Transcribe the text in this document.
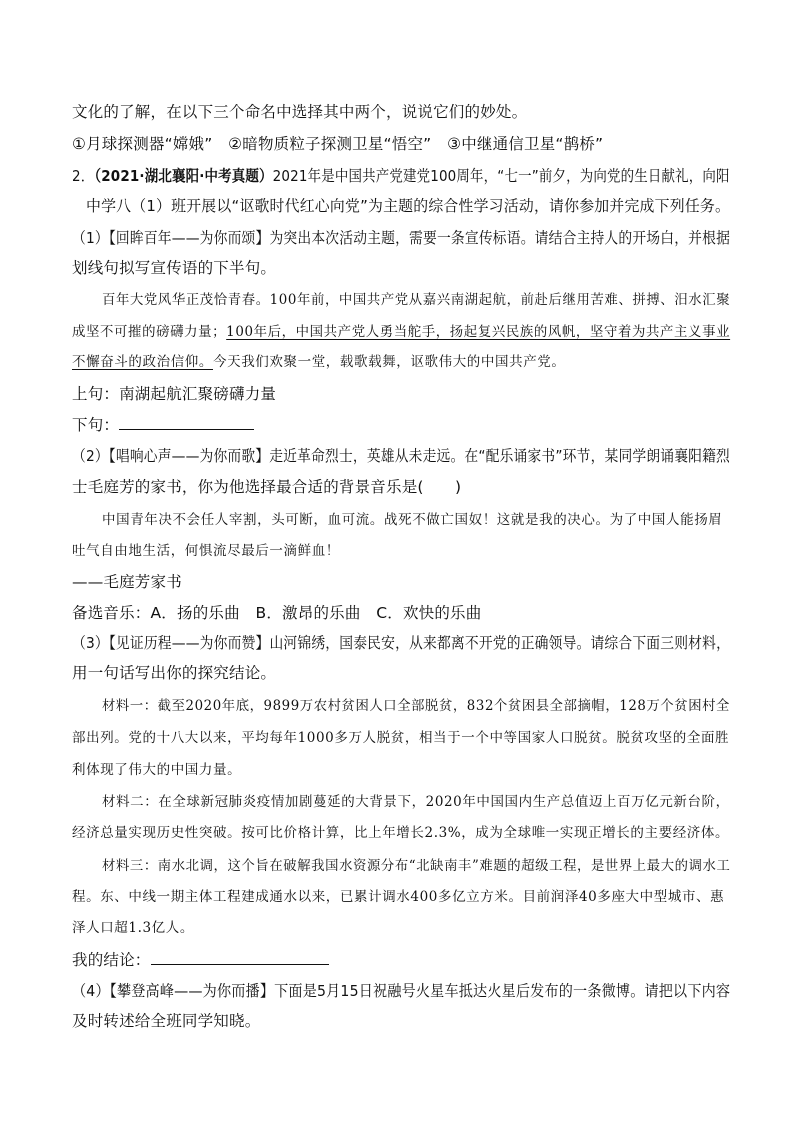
文化的了解，在以下三个命名中选择其中两个，说说它们的妙处。
①月球探测器“嫦娥”　②暗物质粒子探测卫星“悟空”　③中继通信卫星“鹊桥”
2．（2021·湖北襄阳·中考真题）2021年是中国共产党建党100周年，“七一”前夕，为向党的生日献礼，向阳
中学八（1）班开展以“讴歌时代红心向党”为主题的综合性学习活动，请你参加并完成下列任务。
（1）【回眸百年——为你而颂】为突出本次活动主题，需要一条宣传标语。请结合主持人的开场白，并根据
划线句拟写宣传语的下半句。
百年大党风华正茂恰青春。100年前，中国共产党从嘉兴南湖起航，前赴后继用苦难、拼搏、汨水汇聚
成坚不可摧的磅礴力量；100年后，中国共产党人勇当舵手，扬起复兴民族的风帆，坚守着为共产主义事业
不懈奋斗的政治信仰。今天我们欢聚一堂，载歌载舞，讴歌伟大的中国共产党。
上句：南湖起航汇聚磅礴力量
下句：
（2）【唱响心声——为你而歌】走近革命烈士，英雄从未走远。在“配乐诵家书”环节，某同学朗诵襄阳籍烈
士毛庭芳的家书，你为他选择最合适的背景音乐是(　　)
中国青年决不会任人宰割，头可断，血可流。战死不做亡国奴！这就是我的决心。为了中国人能扬眉
吐气自由地生活，何惧流尽最后一滴鲜血！
——毛庭芳家书
备选音乐：A．扬的乐曲　B．激昂的乐曲　C．欢快的乐曲
（3）【见证历程——为你而赞】山河锦绣，国泰民安，从来都离不开党的正确领导。请综合下面三则材料，
用一句话写出你的探究结论。
材料一：截至2020年底，9899万农村贫困人口全部脱贫，832个贫困县全部摘帽，128万个贫困村全
部出列。党的十八大以来，平均每年1000多万人脱贫，相当于一个中等国家人口脱贫。脱贫攻坚的全面胜
利体现了伟大的中国力量。
材料二：在全球新冠肺炎疫情加剧蔓延的大背景下，2020年中国国内生产总值迈上百万亿元新台阶，
经济总量实现历史性突破。按可比价格计算，比上年增长2.3%，成为全球唯一实现正增长的主要经济体。
材料三：南水北调，这个旨在破解我国水资源分布“北缺南丰”难题的超级工程，是世界上最大的调水工
程。东、中线一期主体工程建成通水以来，已累计调水400多亿立方米。目前润泽40多座大中型城市、惠
泽人口超1.3亿人。
我的结论：
（4）【攀登高峰——为你而播】下面是5月15日祝融号火星车抵达火星后发布的一条微博。请把以下内容
及时转述给全班同学知晓。
